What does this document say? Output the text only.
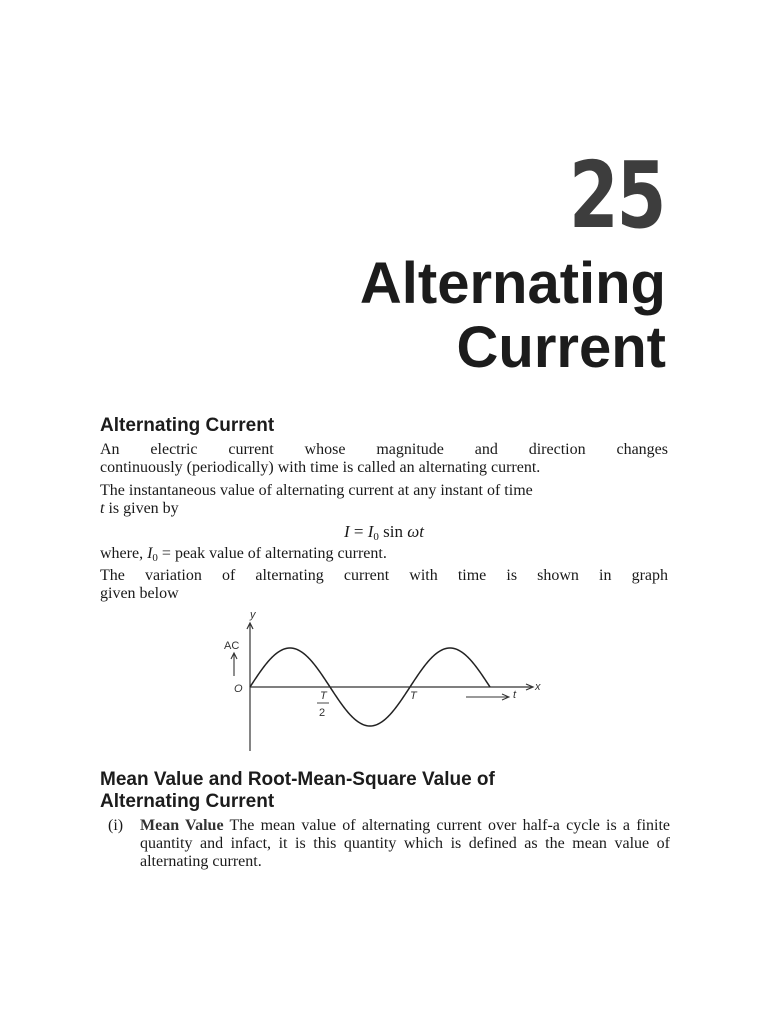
25
Alternating
Current
Alternating Current
An electric current whose magnitude and direction changes
continuously (periodically) with time is called an alternating current.
The instantaneous value of alternating current at any instant of time
t is given by
$I = I_0$ sin ωt
where, $I_0$ = peak value of alternating current.
The variation of alternating current with time is shown in graph
given below
y
x
AC
O
T
2
T	t
Mean Value and Root-Mean-Square Value of
Alternating Current
(i) Mean Value The mean value of alternating current over half-a cycle is a finite quantity and infact, it is this quantity which is defined as the mean value of alternating current.
